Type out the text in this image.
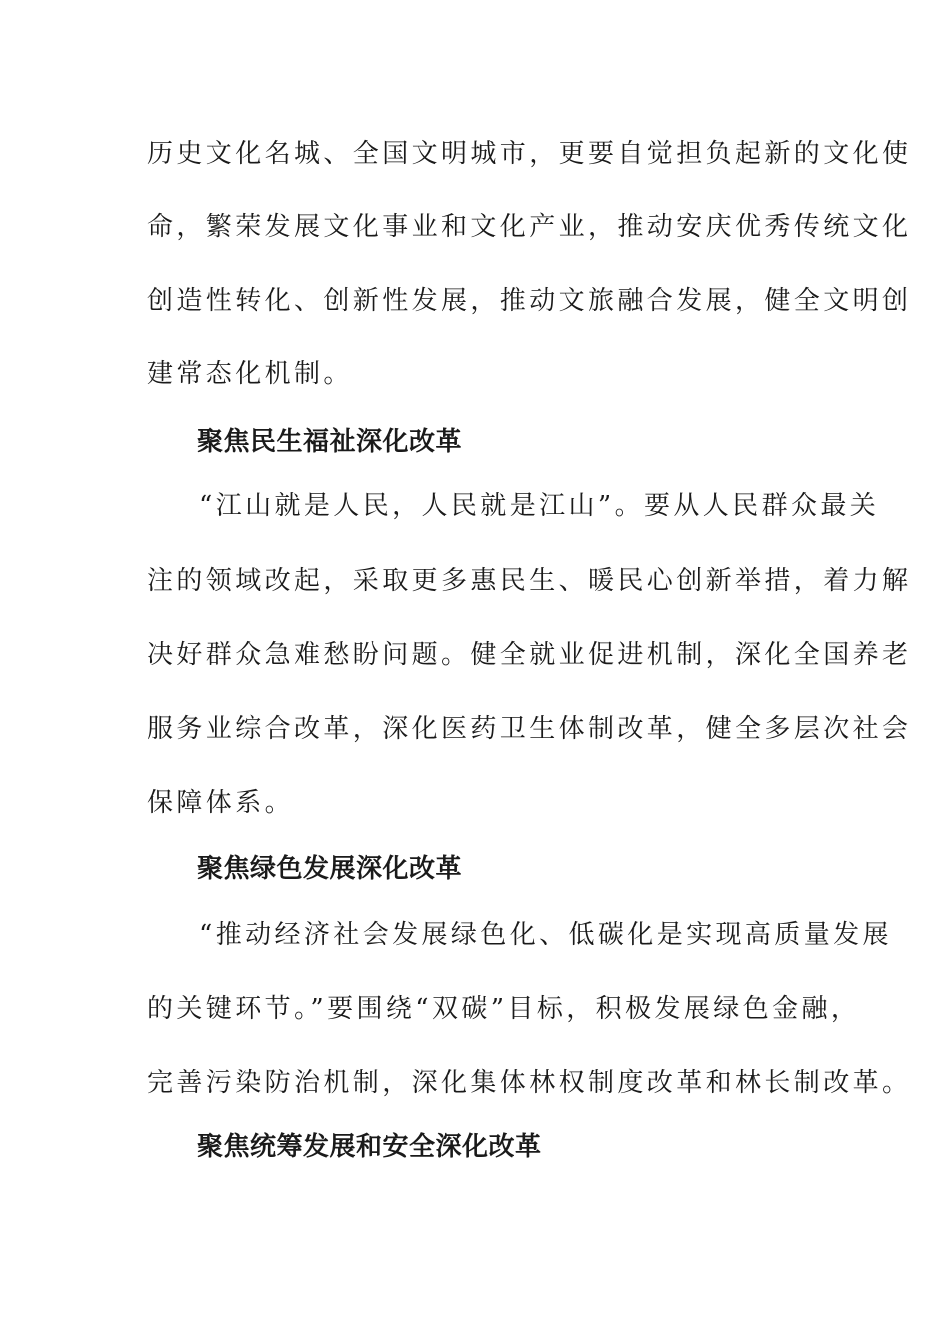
历史文化名城、全国文明城市，更要自觉担负起新的文化使
命，繁荣发展文化事业和文化产业，推动安庆优秀传统文化
创造性转化、创新性发展，推动文旅融合发展，健全文明创
建常态化机制。
聚焦民生福祉深化改革
“江山就是人民，人民就是江山”。要从人民群众最关
注的领域改起，采取更多惠民生、暖民心创新举措，着力解
决好群众急难愁盼问题。健全就业促进机制，深化全国养老
服务业综合改革，深化医药卫生体制改革，健全多层次社会
保障体系。
聚焦绿色发展深化改革
“推动经济社会发展绿色化、低碳化是实现高质量发展
的关键环节。”要围绕“双碳”目标，积极发展绿色金融，
完善污染防治机制，深化集体林权制度改革和林长制改革。
聚焦统筹发展和安全深化改革
